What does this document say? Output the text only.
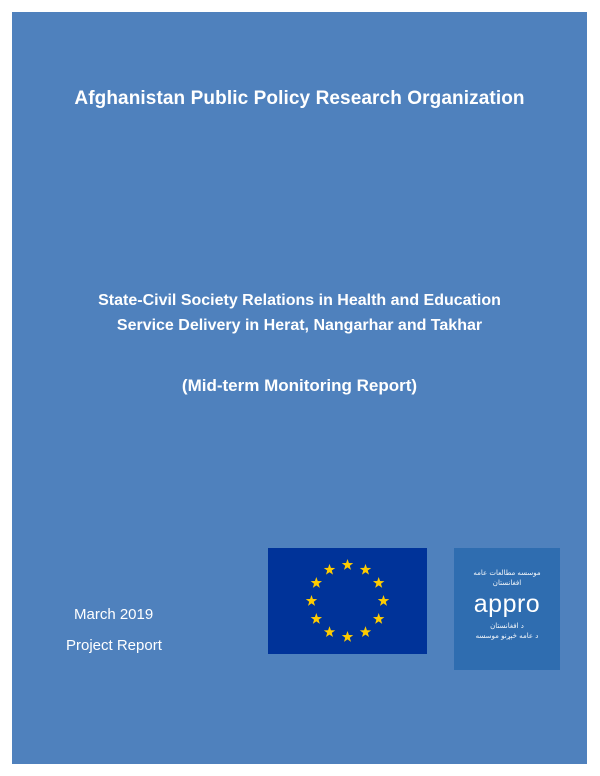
Afghanistan Public Policy Research Organization
State-Civil Society Relations in Health and Education Service Delivery in Herat, Nangarhar and Takhar
(Mid-term Monitoring Report)
موسسه مطالعات عامه
افغانستان
appro
د افغانستان
د عامه څېړنو موسسه
March 2019
Project Report
